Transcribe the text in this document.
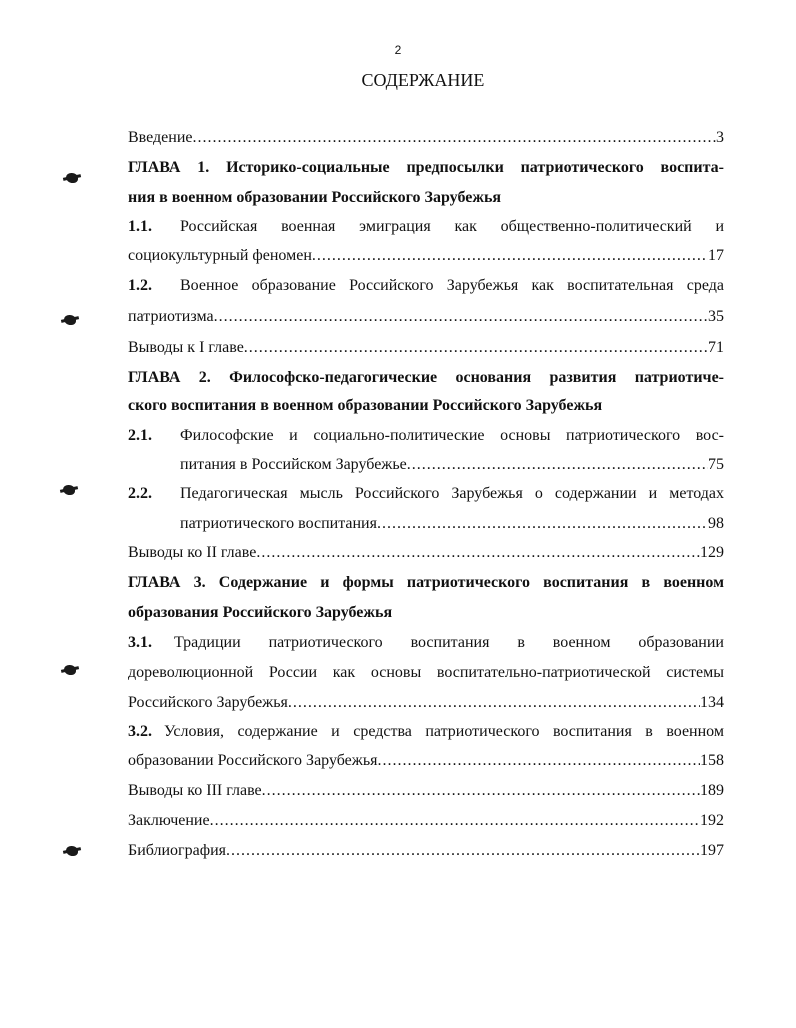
2
СОДЕРЖАНИЕ
Введение .....	3
ГЛАВА 1. Историко-социальные предпосылки патриотического воспита-
ния в военном образовании Российского Зарубежья
1.1. Российская военная эмиграция как общественно-политический и
социокультурный феномен .....	17
1.2. Военное образование Российского Зарубежья как воспитательная среда
патриотизма .....	35
Выводы к I главе .....	71
ГЛАВА 2. Философско-педагогические основания развития патриотиче-
ского воспитания в военном образовании Российского Зарубежья
2.1. Философские и социально-политические основы патриотического вос-
питания в Российском Зарубежье .....	75
2.2. Педагогическая мысль Российского Зарубежья о содержании и методах
патриотического воспитания .....	98
Выводы ко II главе .....	129
ГЛАВА 3. Содержание и формы патриотического воспитания в военном
образования Российского Зарубежья
3.1. Традиции патриотического воспитания в военном образовании
дореволюционной России как основы воспитательно-патриотической системы
Российского Зарубежья .....	134
3.2. Условия, содержание и средства патриотического воспитания в военном
образовании Российского Зарубежья .....	158
Выводы ко III главе .....	189
Заключение .....	192
Библиография .....	197
